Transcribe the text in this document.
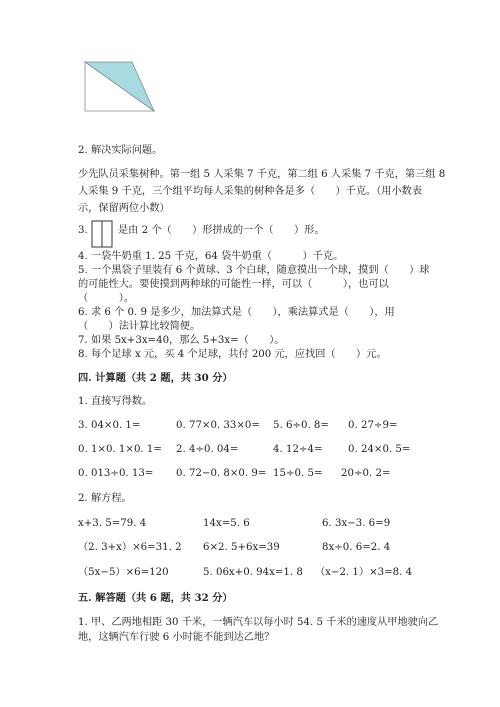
2. 解决实际问题。
少先队员采集树种。第一组 5 人采集 7 千克，第二组 6 人采集 7 千克，第三组 8
人采集 9 千克，三个组平均每人采集的树种各是多（　　）千克。（用小数表
示，保留两位小数）
3.	是由 2 个（　　）形拼成的一个（　　）形。
4. 一袋牛奶重 1. 25 千克，64 袋牛奶重（　　　）千克。
5. 一个黑袋子里装有 6 个黄球、3 个白球，随意摸出一个球，摸到（　　）球
的可能性大。要使摸到两种球的可能性一样，可以（　　　），也可以
（　　　）。
6. 求 6 个 0. 9 是多少，加法算式是（　　），乘法算式是（　　），用
（　　）法计算比较简便。
7. 如果 5x+3x=40，那么 5+3x=（　　）。
8. 每个足球 x 元，买 4 个足球，共付 200 元，应找回（　　）元。
四. 计算题（共 2 题，共 30 分）
1. 直接写得数。
3. 04×0. 1=	0. 77×0. 33×0= 5. 6÷0. 8= 0. 27÷9=
0. 1×0. 1×0. 1= 2. 4÷0. 04=	4. 12÷4=	0. 24×0. 5=
0. 013÷0. 13= 0. 72−0. 8×0. 9= 15÷0. 5= 20÷0. 2=
2. 解方程。
x+3. 5=79. 4	14x=5. 6	6. 3x−3. 6=9
（2. 3+x）×6=31. 2 6×2. 5+6x=39	8x÷0. 6=2. 4
（5x−5）×6=120	5. 06x+0. 94x=1. 8 （x−2. 1）×3=8. 4
五. 解答题（共 6 题，共 32 分）
1. 甲、乙两地相距 30 千米，一辆汽车以每小时 54. 5 千米的速度从甲地驶向乙
地，这辆汽车行驶 6 小时能不能到达乙地？
